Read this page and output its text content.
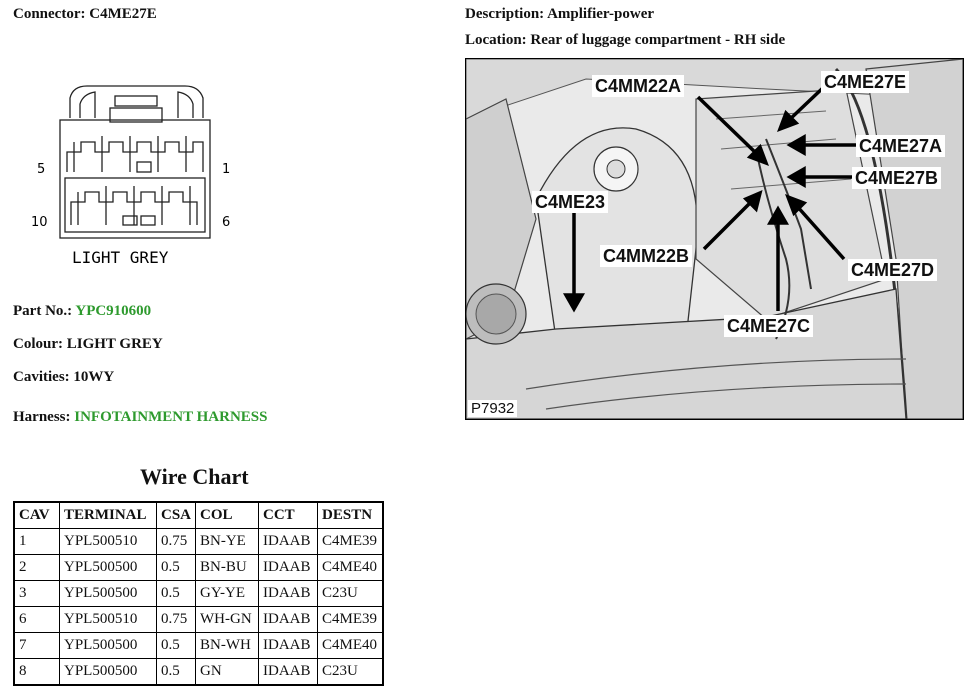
Connector: C4ME27E	Description: Amplifier-power
Location: Rear of luggage compartment - RH side
5	1
10	6
LIGHT GREY
Part No.: YPC910600
Colour: LIGHT GREY
Cavities: 10WY
Harness: INFOTAINMENT HARNESS
Wire Chart
CAV	TERMINAL	CSA	COL	CCT	DESTN
1	YPL500510	0.75	BN-YE	IDAAB	C4ME39
2	YPL500500	0.5	BN-BU	IDAAB	C4ME40
3	YPL500500	0.5	GY-YE	IDAAB	C23U
6	YPL500510	0.75	WH-GN	IDAAB	C4ME39
7	YPL500500	0.5	BN-WH	IDAAB	C4ME40
8	YPL500500	0.5	GN	IDAAB	C23U
C4MM22A	C4ME27E
C4ME27A
C4ME27B
C4ME23
C4MM22B
C4ME27D
C4ME27C
P7932
